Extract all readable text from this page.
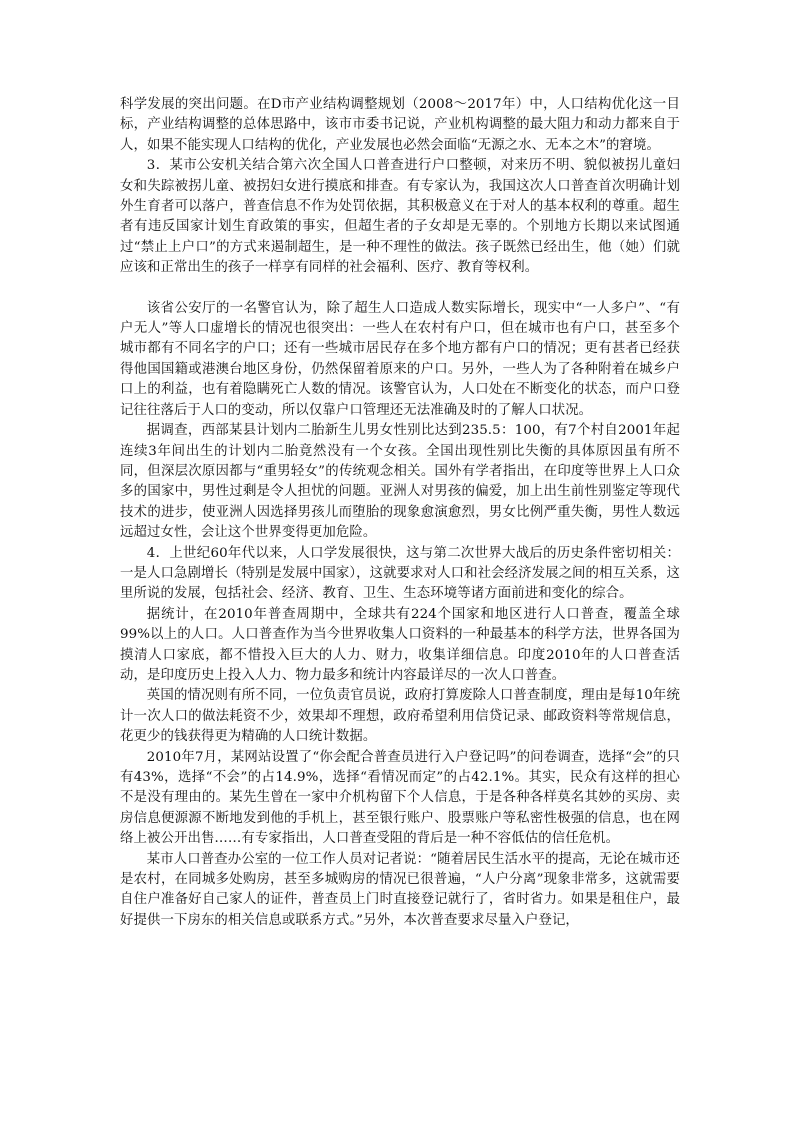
科学发展的突出问题。在D市产业结构调整规划（2008～2017年）中，人口结构优化这一目标，产业结构调整的总体思路中，该市市委书记说，产业机构调整的最大阻力和动力都来自于人，如果不能实现人口结构的优化，产业发展也必然会面临“无源之水、无本之木”的窘境。

3．某市公安机关结合第六次全国人口普查进行户口整顿，对来历不明、貌似被拐儿童妇女和失踪被拐儿童、被拐妇女进行摸底和排查。有专家认为，我国这次人口普查首次明确计划外生育者可以落户，普查信息不作为处罚依据，其积极意义在于对人的基本权利的尊重。超生者有违反国家计划生育政策的事实，但超生者的子女却是无辜的。个别地方长期以来试图通过“禁止上户口”的方式来遏制超生，是一种不理性的做法。孩子既然已经出生，他（她）们就应该和正常出生的孩子一样享有同样的社会福利、医疗、教育等权利。

该省公安厅的一名警官认为，除了超生人口造成人数实际增长，现实中“一人多户”、“有户无人”等人口虚增长的情况也很突出：一些人在农村有户口，但在城市也有户口，甚至多个城市都有不同名字的户口；还有一些城市居民存在多个地方都有户口的情况；更有甚者已经获得他国国籍或港澳台地区身份，仍然保留着原来的户口。另外，一些人为了各种附着在城乡户口上的利益，也有着隐瞒死亡人数的情况。该警官认为，人口处在不断变化的状态，而户口登记往往落后于人口的变动，所以仅靠户口管理还无法准确及时的了解人口状况。

据调查，西部某县计划内二胎新生儿男女性别比达到235.5：100，有7个村自2001年起连续3年间出生的计划内二胎竟然没有一个女孩。全国出现性别比失衡的具体原因虽有所不同，但深层次原因都与“重男轻女”的传统观念相关。国外有学者指出，在印度等世界上人口众多的国家中，男性过剩是令人担忧的问题。亚洲人对男孩的偏爱，加上出生前性别鉴定等现代技术的进步，使亚洲人因选择男孩儿而堕胎的现象愈演愈烈，男女比例严重失衡，男性人数远远超过女性，会让这个世界变得更加危险。

4．上世纪60年代以来，人口学发展很快，这与第二次世界大战后的历史条件密切相关：一是人口急剧增长（特别是发展中国家），这就要求对人口和社会经济发展之间的相互关系，这里所说的发展，包括社会、经济、教育、卫生、生态环境等诸方面前进和变化的综合。

据统计，在2010年普查周期中，全球共有224个国家和地区进行人口普查，覆盖全球99%以上的人口。人口普查作为当今世界收集人口资料的一种最基本的科学方法，世界各国为摸清人口家底，都不惜投入巨大的人力、财力，收集详细信息。印度2010年的人口普查活动，是印度历史上投入人力、物力最多和统计内容最详尽的一次人口普查。

英国的情况则有所不同，一位负责官员说，政府打算废除人口普查制度，理由是每10年统计一次人口的做法耗资不少，效果却不理想，政府希望利用信贷记录、邮政资料等常规信息，花更少的钱获得更为精确的人口统计数据。

2010年7月，某网站设置了“你会配合普查员进行入户登记吗”的问卷调查，选择“会”的只有43%，选择“不会”的占14.9%，选择“看情况而定”的占42.1%。其实，民众有这样的担心不是没有理由的。某先生曾在一家中介机构留下个人信息，于是各种各样莫名其妙的买房、卖房信息便源源不断地发到他的手机上，甚至银行账户、股票账户等私密性极强的信息，也在网络上被公开出售……有专家指出，人口普查受阻的背后是一种不容低估的信任危机。

某市人口普查办公室的一位工作人员对记者说：“随着居民生活水平的提高，无论在城市还是农村，在同城多处购房，甚至多城购房的情况已很普遍，“人户分离”现象非常多，这就需要自住户准备好自己家人的证件，普查员上门时直接登记就行了，省时省力。如果是租住户，最好提供一下房东的相关信息或联系方式。”另外，本次普查要求尽量入户登记，
